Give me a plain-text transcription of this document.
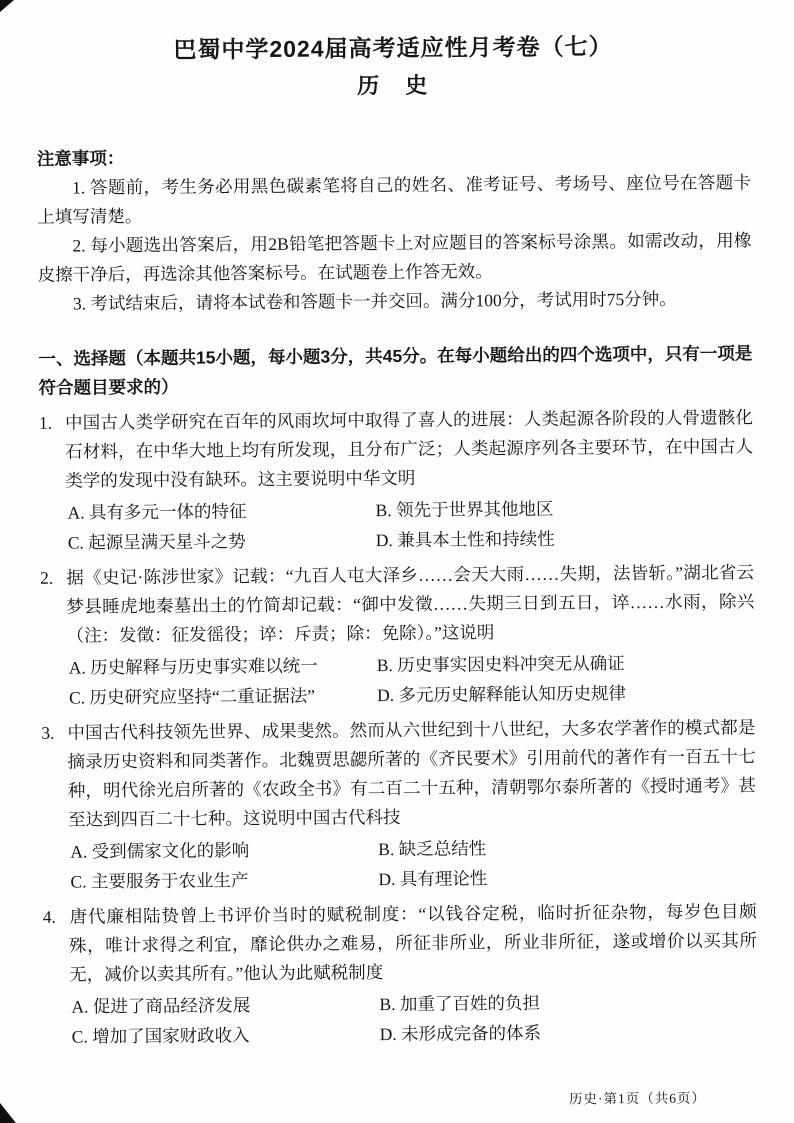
巴蜀中学2024届高考适应性月考卷（七）
历　史
注意事项：

1. 答题前，考生务必用黑色碳素笔将自己的姓名、准考证号、考场号、座位号在答题卡上填写清楚。

2. 每小题选出答案后，用2B铅笔把答题卡上对应题目的答案标号涂黑。如需改动，用橡皮擦干净后，再选涂其他答案标号。在试题卷上作答无效。

3. 考试结束后，请将本试卷和答题卡一并交回。满分100分，考试用时75分钟。

一、选择题（本题共15小题，每小题3分，共45分。在每小题给出的四个选项中，只有一项是符合题目要求的）

1. 中国古人类学研究在百年的风雨坎坷中取得了喜人的进展：人类起源各阶段的人骨遗骸化石材料，在中华大地上均有所发现，且分布广泛；人类起源序列各主要环节，在中国古人类学的发现中没有缺环。这主要说明中华文明
A. 具有多元一体的特征	B. 领先于世界其他地区
C. 起源呈满天星斗之势	D. 兼具本土性和持续性
2. 据《史记·陈涉世家》记载：“九百人屯大泽乡……会天大雨……失期，法皆斩。”湖北省云梦县睡虎地秦墓出土的竹简却记载：“御中发徵……失期三日到五日，谇……水雨，除兴（注：发徵：征发徭役；谇：斥责；除：免除）。”这说明
A. 历史解释与历史事实难以统一	B. 历史事实因史料冲突无从确证
C. 历史研究应坚持“二重证据法”	D. 多元历史解释能认知历史规律
3. 中国古代科技领先世界、成果斐然。然而从六世纪到十八世纪，大多农学著作的模式都是摘录历史资料和同类著作。北魏贾思勰所著的《齐民要术》引用前代的著作有一百五十七种，明代徐光启所著的《农政全书》有二百二十五种，清朝鄂尔泰所著的《授时通考》甚至达到四百二十七种。这说明中国古代科技
A. 受到儒家文化的影响	B. 缺乏总结性
C. 主要服务于农业生产	D. 具有理论性
4. 唐代廉相陆贽曾上书评价当时的赋税制度：“以钱谷定税，临时折征杂物，每岁色目颇殊，唯计求得之利宜，靡论供办之难易，所征非所业，所业非所征，遂或增价以买其所无，减价以卖其所有。”他认为此赋税制度
A. 促进了商品经济发展	B. 加重了百姓的负担
C. 增加了国家财政收入	D. 未形成完备的体系
历史·第1页（共6页）
